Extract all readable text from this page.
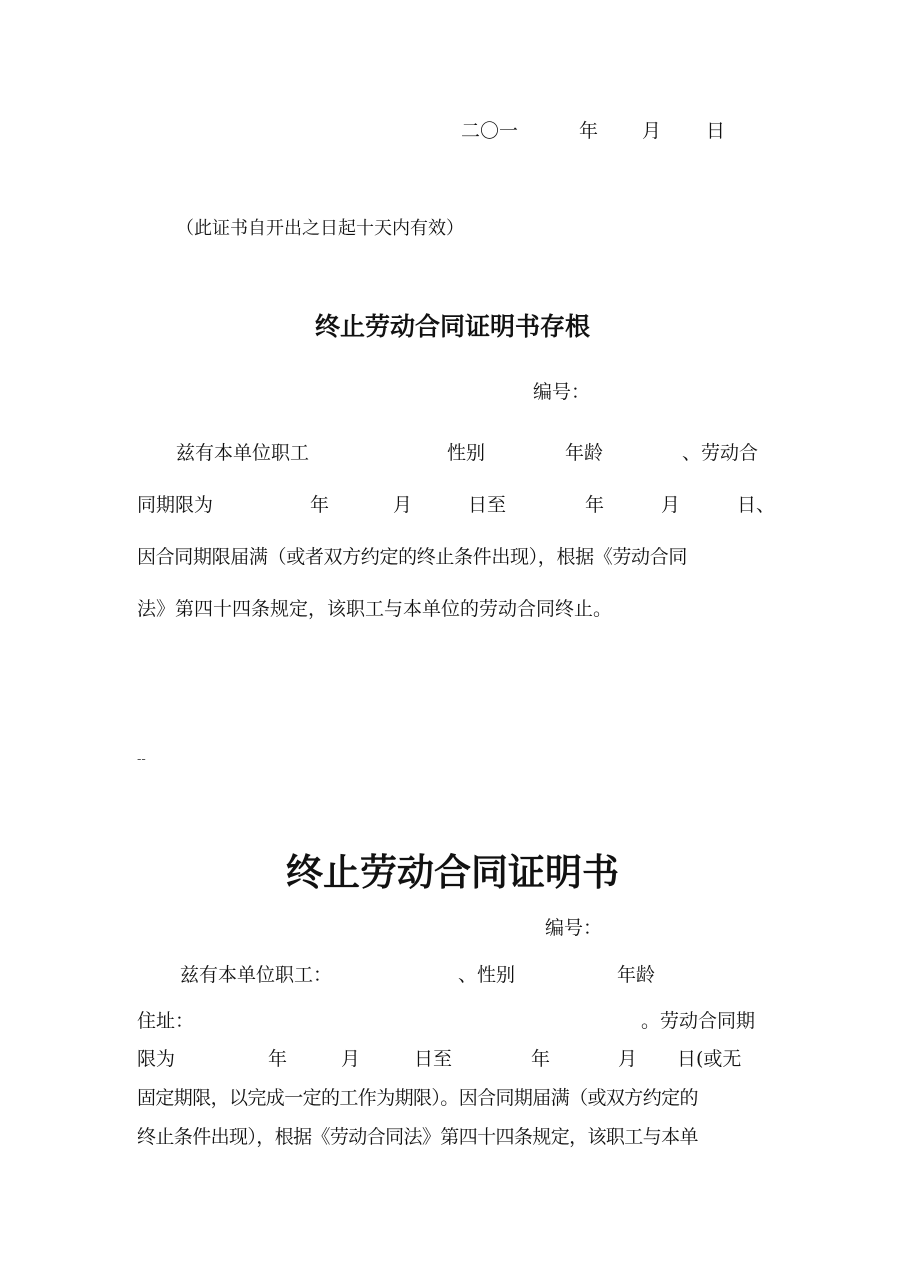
二〇一	年 月 日
（此证书自开出之日起十天内有效）
终止劳动合同证明书存根
编号：
兹有本单位职工	性别	年龄	、劳动合
同期限为	年	月	日至	年	月	日、
因合同期限届满（或者双方约定的终止条件出现），根据《劳动合同
法》第四十四条规定，该职工与本单位的劳动合同终止。
--
终止劳动合同证明书
编号：
兹有本单位职工：	、性别	年龄
住址：	。劳动合同期
限为	年	月	日至	年	月 日(或无
固定期限，以完成一定的工作为期限）。因合同期届满（或双方约定的
终止条件出现），根据《劳动合同法》第四十四条规定，该职工与本单
